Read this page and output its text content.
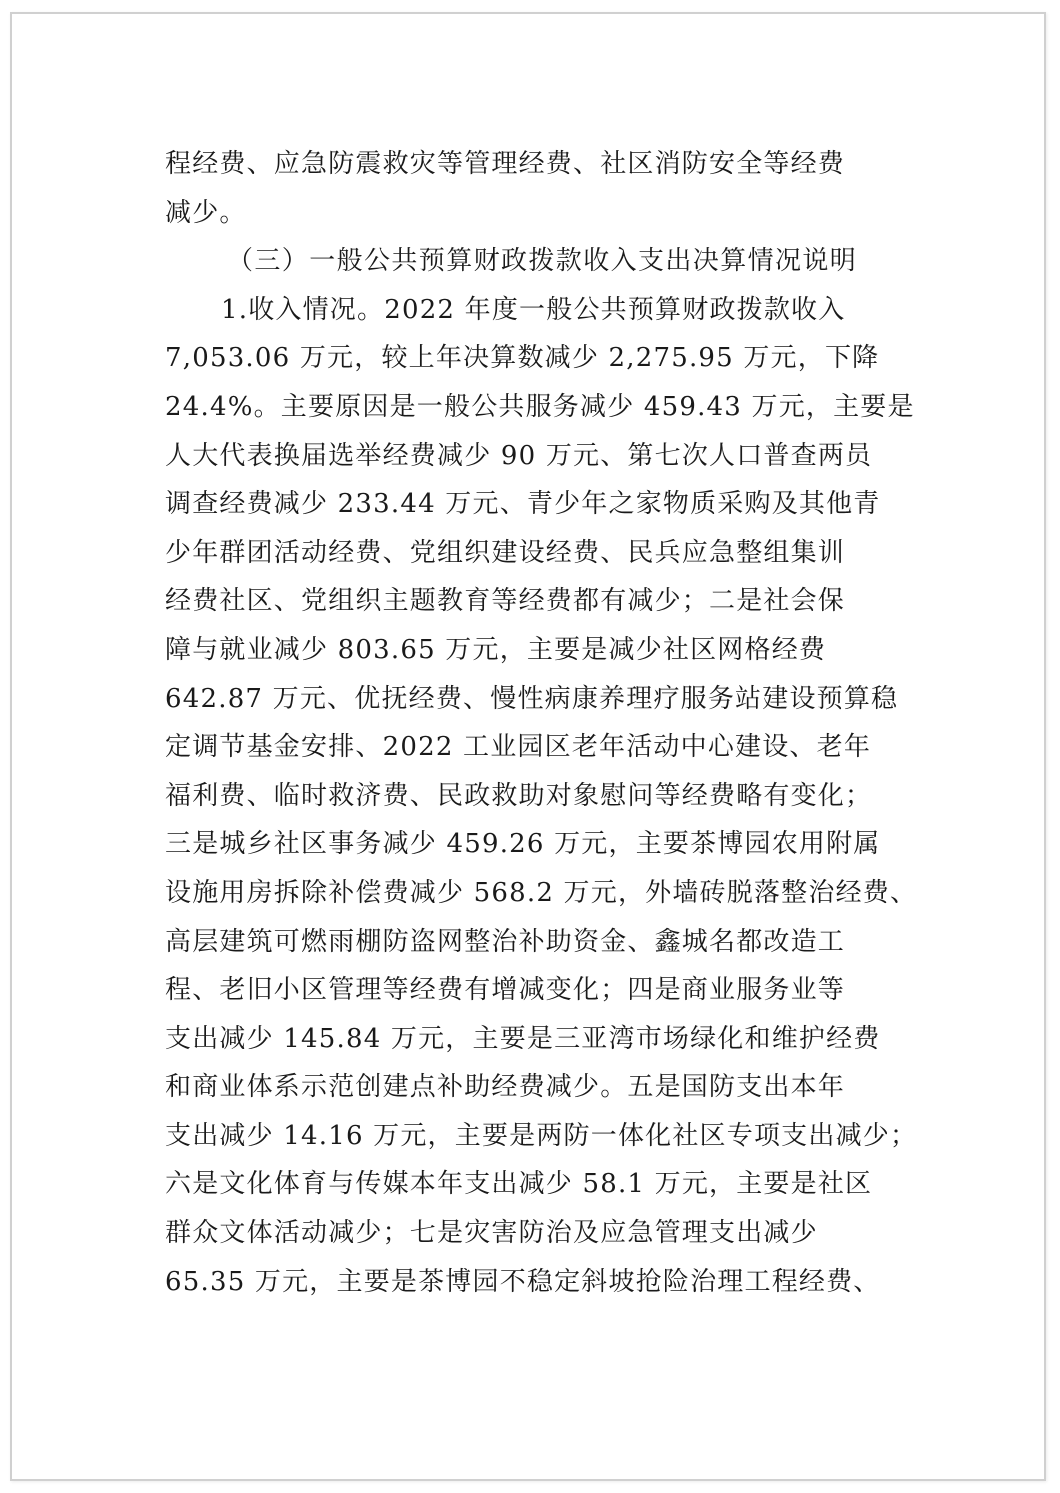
程经费、应急防震救灾等管理经费、社区消防安全等经费
减少。
（三）一般公共预算财政拨款收入支出决算情况说明
1.收入情况。2022 年度一般公共预算财政拨款收入
7,053.06 万元，较上年决算数减少 2,275.95 万元，下降
24.4%。主要原因是一般公共服务减少 459.43 万元，主要是
人大代表换届选举经费减少 90 万元、第七次人口普查两员
调查经费减少 233.44 万元、青少年之家物质采购及其他青
少年群团活动经费、党组织建设经费、民兵应急整组集训
经费社区、党组织主题教育等经费都有减少；二是社会保
障与就业减少 803.65 万元，主要是减少社区网格经费
642.87 万元、优抚经费、慢性病康养理疗服务站建设预算稳
定调节基金安排、2022 工业园区老年活动中心建设、老年
福利费、临时救济费、民政救助对象慰问等经费略有变化；
三是城乡社区事务减少 459.26 万元，主要茶博园农用附属
设施用房拆除补偿费减少 568.2 万元，外墙砖脱落整治经费、
高层建筑可燃雨棚防盗网整治补助资金、鑫城名都改造工
程、老旧小区管理等经费有增减变化；四是商业服务业等
支出减少 145.84 万元，主要是三亚湾市场绿化和维护经费
和商业体系示范创建点补助经费减少。五是国防支出本年
支出减少 14.16 万元，主要是两防一体化社区专项支出减少；
六是文化体育与传媒本年支出减少 58.1 万元，主要是社区
群众文体活动减少；七是灾害防治及应急管理支出减少
65.35 万元，主要是茶博园不稳定斜坡抢险治理工程经费、
